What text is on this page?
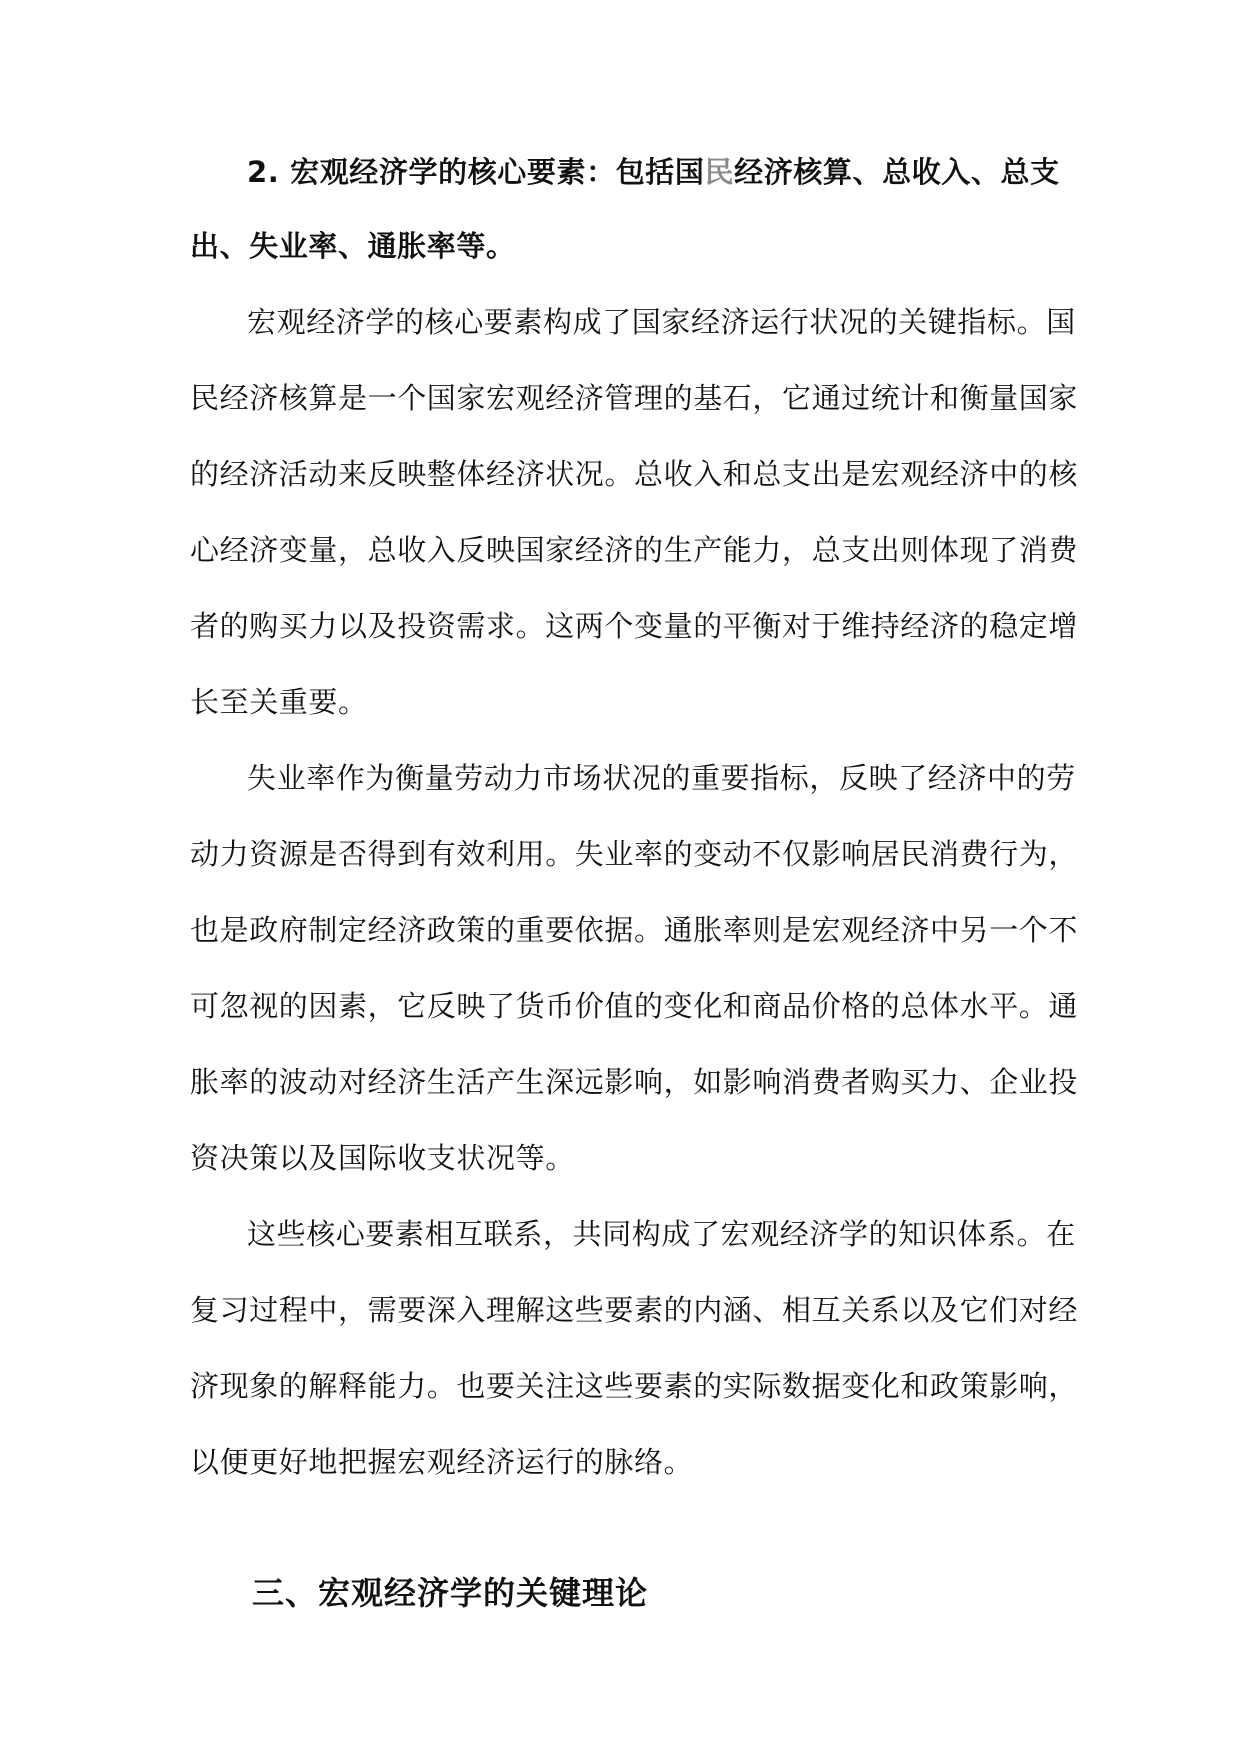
2. 宏观经济学的核心要素：包括国民经济核算、总收入、总支
出、失业率、通胀率等。
宏观经济学的核心要素构成了国家经济运行状况的关键指标。国
民经济核算是一个国家宏观经济管理的基石，它通过统计和衡量国家
的经济活动来反映整体经济状况。总收入和总支出是宏观经济中的核
心经济变量，总收入反映国家经济的生产能力，总支出则体现了消费
者的购买力以及投资需求。这两个变量的平衡对于维持经济的稳定增
长至关重要。
失业率作为衡量劳动力市场状况的重要指标，反映了经济中的劳
动力资源是否得到有效利用。失业率的变动不仅影响居民消费行为，
也是政府制定经济政策的重要依据。通胀率则是宏观经济中另一个不
可忽视的因素，它反映了货币价值的变化和商品价格的总体水平。通
胀率的波动对经济生活产生深远影响，如影响消费者购买力、企业投
资决策以及国际收支状况等。
这些核心要素相互联系，共同构成了宏观经济学的知识体系。在
复习过程中，需要深入理解这些要素的内涵、相互关系以及它们对经
济现象的解释能力。也要关注这些要素的实际数据变化和政策影响，
以便更好地把握宏观经济运行的脉络。
三、宏观经济学的关键理论
